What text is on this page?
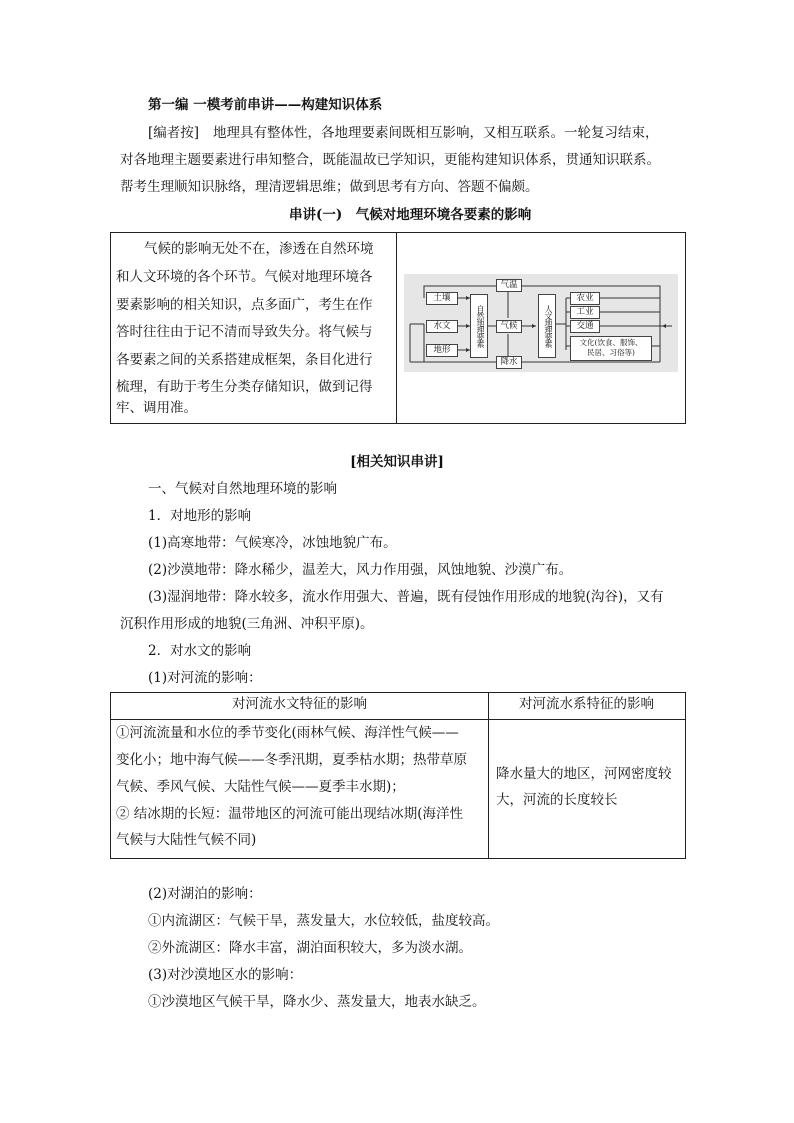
第一编 一模考前串讲——构建知识体系
[编者按] 地理具有整体性，各地理要素间既相互影响，又相互联系。一轮复习结束，
对各地理主题要素进行串知整合，既能温故已学知识，更能构建知识体系，贯通知识联系。
帮考生理顺知识脉络，理清逻辑思维；做到思考有方向、答题不偏颇。
串讲(一)　气候对地理环境各要素的影响
气候的影响无处不在，渗透在自然环境
和人文环境的各个环节。气候对地理环境各
要素影响的相关知识，点多面广，考生在作
答时往往由于记不清而导致失分。将气候与
各要素之间的关系搭建成框架，条目化进行
梳理，有助于考生分类存储知识，做到记得
牢、调用准。
土壤
水文
地形
自然地理要素
气温
气候
降水
人文地理要素
农业
工业
交通
文化(饮食、服饰、
民居、习俗等)
[相关知识串讲]
一、气候对自然地理环境的影响
1．对地形的影响
(1)高寒地带：气候寒冷，冰蚀地貌广布。
(2)沙漠地带：降水稀少，温差大，风力作用强，风蚀地貌、沙漠广布。
(3)湿润地带：降水较多，流水作用强大、普遍，既有侵蚀作用形成的地貌(沟谷)，又有
沉积作用形成的地貌(三角洲、冲积平原)。
2．对水文的影响
(1)对河流的影响：
对河流水文特征的影响	对河流水系特征的影响
①河流流量和水位的季节变化(雨林气候、海洋性气候——
变化小；地中海气候——冬季汛期，夏季枯水期；热带草原
气候、季风气候、大陆性气候——夏季丰水期)；
② 结冰期的长短：温带地区的河流可能出现结冰期(海洋性
气候与大陆性气候不同)
降水量大的地区，河网密度较
大，河流的长度较长
(2)对湖泊的影响：
①内流湖区：气候干旱，蒸发量大，水位较低，盐度较高。
②外流湖区：降水丰富，湖泊面积较大，多为淡水湖。
(3)对沙漠地区水的影响：
①沙漠地区气候干旱，降水少、蒸发量大，地表水缺乏。
